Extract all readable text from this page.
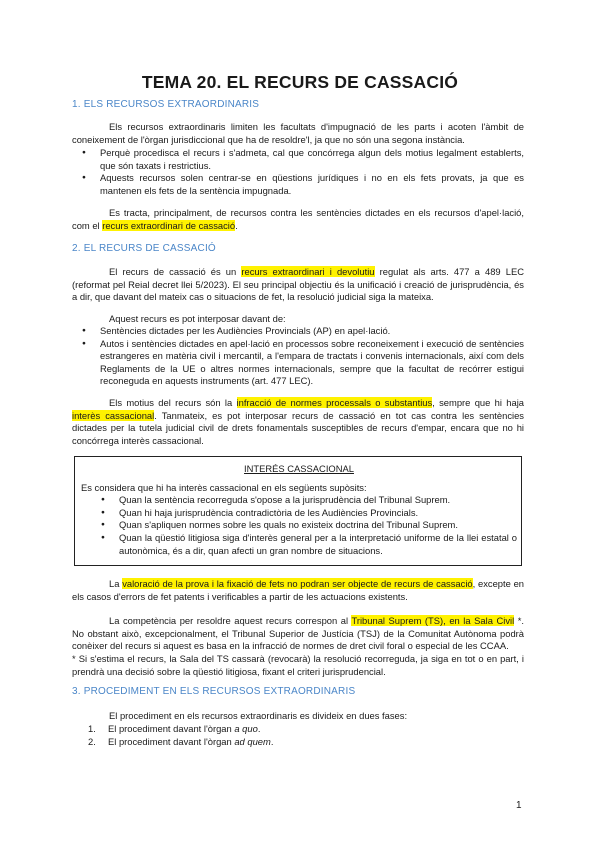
TEMA 20. EL RECURS DE CASSACIÓ
1. ELS RECURSOS EXTRAORDINARIS
Els recursos extraordinaris limiten les facultats d'impugnació de les parts i acoten l'àmbit de coneixement de l'òrgan jurisdiccional que ha de resoldre'l, ja que no són una segona instància.
● Perquè procedisca el recurs i s'admeta, cal que concórrega algun dels motius legalment establerts, que són taxats i restrictius.
● Aquests recursos solen centrar-se en qüestions jurídiques i no en els fets provats, ja que es mantenen els fets de la sentència impugnada.
Es tracta, principalment, de recursos contra les sentències dictades en els recursos d'apel·lació, com el recurs extraordinari de cassació.
2. EL RECURS DE CASSACIÓ
El recurs de cassació és un recurs extraordinari i devolutiu regulat als arts. 477 a 489 LEC (reformat pel Reial decret llei 5/2023). El seu principal objectiu és la unificació i creació de jurisprudència, és a dir, que davant del mateix cas o situacions de fet, la resolució judicial siga la mateixa.
Aquest recurs es pot interposar davant de:
● Sentències dictades per les Audiències Provincials (AP) en apel·lació.
● Autos i sentències dictades en apel·lació en processos sobre reconeixement i execució de sentències estrangeres en matèria civil i mercantil, a l'empara de tractats i convenis internacionals, així com dels Reglaments de la UE o altres normes internacionals, sempre que la facultat de recórrer estigui reconeguda en aquests instruments (art. 477 LEC).
Els motius del recurs són la infracció de normes processals o substantius, sempre que hi haja interès cassacional. Tanmateix, es pot interposar recurs de cassació en tot cas contra les sentències dictades per la tutela judicial civil de drets fonamentals susceptibles de recurs d'empar, encara que no hi concórrega interès cassacional.
INTERÉS CASSACIONAL
Es considera que hi ha interès cassacional en els següents supòsits:
● Quan la sentència recorreguda s'opose a la jurisprudència del Tribunal Suprem.
● Quan hi haja jurisprudència contradictòria de les Audiències Provincials.
● Quan s'apliquen normes sobre les quals no existeix doctrina del Tribunal Suprem.
● Quan la qüestió litigiosa siga d'interès general per a la interpretació uniforme de la llei estatal o autonòmica, és a dir, quan afecti un gran nombre de situacions.
La valoració de la prova i la fixació de fets no podran ser objecte de recurs de cassació, excepte en els casos d'errors de fet patents i verificables a partir de les actuacions existents.
La competència per resoldre aquest recurs correspon al Tribunal Suprem (TS), en la Sala Civil *. No obstant això, excepcionalment, el Tribunal Superior de Justícia (TSJ) de la Comunitat Autònoma podrà conèixer del recurs si aquest es basa en la infracció de normes de dret civil foral o especial de les CCAA.
* Si s'estima el recurs, la Sala del TS cassarà (revocarà) la resolució recorreguda, ja siga en tot o en part, i prendrà una decisió sobre la qüestió litigiosa, fixant el criteri jurisprudencial.
3. PROCEDIMENT EN ELS RECURSOS EXTRAORDINARIS
El procediment en els recursos extraordinaris es divideix en dues fases:
1. El procediment davant l'òrgan a quo.
2. El procediment davant l'òrgan ad quem.
1
